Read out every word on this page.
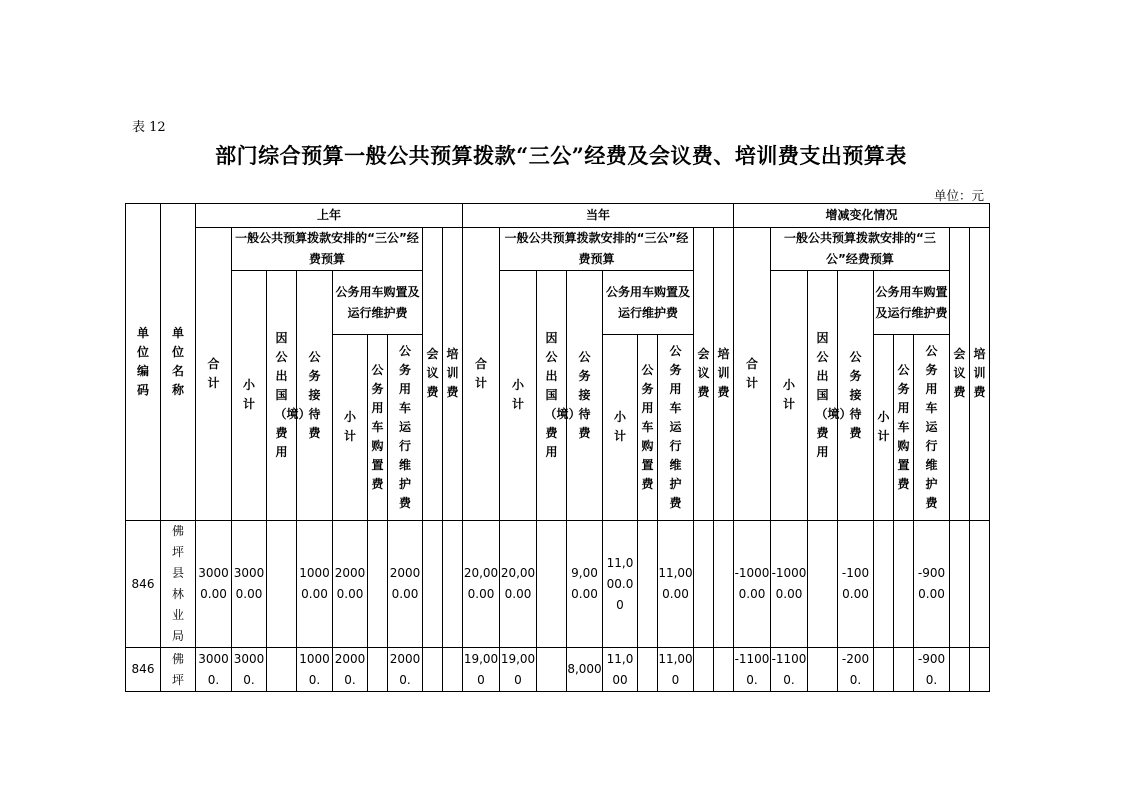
表 12
部门综合预算一般公共预算拨款“三公”经费及会议费、培训费支出预算表
单位：元
单位编码	单位名称	上年									当年									增减变化情况								
		合计	一般公共预算拨款安排的“三公”经费预算						会议费	培训费	合计	一般公共预算拨款安排的“三公”经费预算						会议费	培训费	合计	一般公共预算拨款安排的“三公”经费预算						会议费	培训费
			小计	因公出国（境）费用	公务接待费	公务用车购置及运行维护费						小计	因公出国（境）费用	公务接待费	公务用车购置及运行维护费						小计	因公出国（境）费用	公务接待费	公务用车购置及运行维护费				
						小计	公务用车购置费	公务用车运行维护费							小计	公务用车购置费	公务用车运行维护费							小计	公务用车购置费	公务用车运行维护费		
846	佛坪县林业局	30000.00	30000.00		10000.00	20000.00		20000.00			20,000.00	20,000.00		9,000.00	11,000.00		11,000.00			-10000.00	-10000.00		-1000.00			-9000.00		
846	佛坪	30000.	30000.		10000.	20000.		20000.			19,000	19,000		8,000	11,000		11,000			-11000.	-11000.		-2000.			-9000.		
